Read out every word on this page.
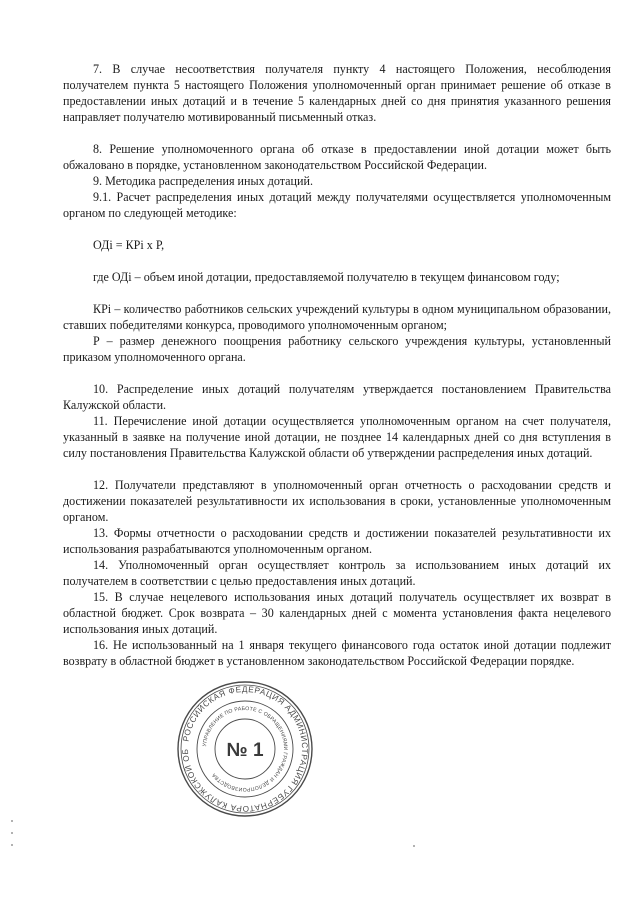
7. В случае несоответствия получателя пункту 4 настоящего Положения, несоблюдения получателем пункта 5 настоящего Положения уполномоченный орган принимает решение об отказе в предоставлении иных дотаций и в течение 5 календарных дней со дня принятия указанного решения направляет получателю мотивированный письменный отказ.

8. Решение уполномоченного органа об отказе в предоставлении иной дотации может быть обжаловано в порядке, установленном законодательством Российской Федерации.

9. Методика распределения иных дотаций.

9.1. Расчет распределения иных дотаций между получателями осуществляется уполномоченным органом по следующей методике:

ОДi = КРi х Р,

где ОДi – объем иной дотации, предоставляемой получателю в текущем финансовом году;

КРi – количество работников сельских учреждений культуры в одном муниципальном образовании, ставших победителями конкурса, проводимого уполномоченным органом;

Р – размер денежного поощрения работнику сельского учреждения культуры, установленный приказом уполномоченного органа.

10. Распределение иных дотаций получателям утверждается постановлением Правительства Калужской области.

11. Перечисление иной дотации осуществляется уполномоченным органом на счет получателя, указанный в заявке на получение иной дотации, не позднее 14 календарных дней со дня вступления в силу постановления Правительства Калужской области об утверждении распределения иных дотаций.

12. Получатели представляют в уполномоченный орган отчетность о расходовании средств и достижении показателей результативности их использования в сроки, установленные уполномоченным органом.

13. Формы отчетности о расходовании средств и достижении показателей результативности их использования разрабатываются уполномоченным органом.

14. Уполномоченный орган осуществляет контроль за использованием иных дотаций их получателем в соответствии с целью предоставления иных дотаций.

15. В случае нецелевого использования иных дотаций получатель осуществляет их возврат в областной бюджет. Срок возврата – 30 календарных дней с момента установления факта нецелевого использования иных дотаций.

16. Не использованный на 1 января текущего финансового года остаток иной дотации подлежит возврату в областной бюджет в установленном законодательством Российской Федерации порядке.

РОССИЙСКАЯ ФЕДЕРАЦИЯ АДМИНИСТРАЦИЯ ГУБЕРНАТОРА КАЛУЖСКОЙ ОБ
УПРАВЛЕНИЕ ПО РАБОТЕ С ОБРАЩЕНИЯМИ ГРАЖДАН И ДЕЛОПРОИЗВОДСТВА
№ 1
